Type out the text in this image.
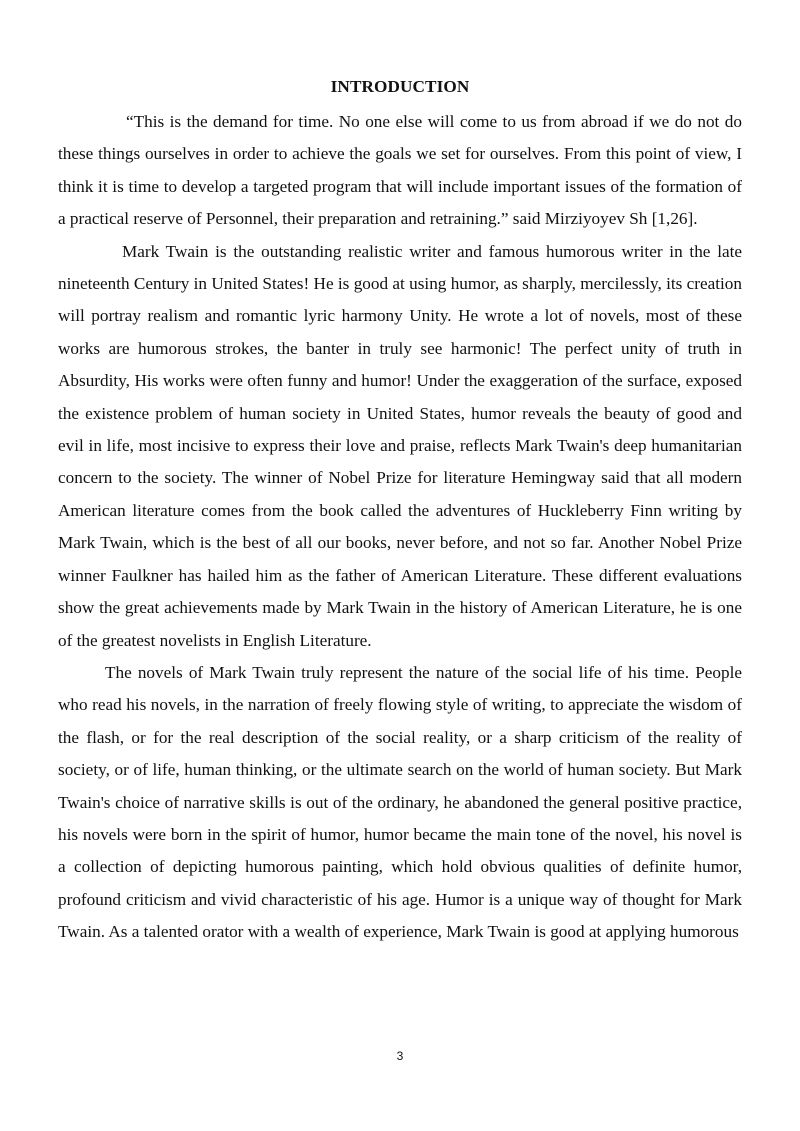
INTRODUCTION

“This is the demand for time. No one else will come to us from abroad if we do not do these things ourselves in order to achieve the goals we set for ourselves. From this point of view, I think it is time to develop a targeted program that will include important issues of the formation of a practical reserve of Personnel, their preparation and retraining.” said Mirziyoyev Sh [1,26].

Mark Twain is the outstanding realistic writer and famous humorous writer in the late nineteenth Century in United States! He is good at using humor, as sharply, mercilessly, its creation will portray realism and romantic lyric harmony Unity. He wrote a lot of novels, most of these works are humorous strokes, the banter in truly see harmonic! The perfect unity of truth in Absurdity, His works were often funny and humor! Under the exaggeration of the surface, exposed the existence problem of human society in United States, humor reveals the beauty of good and evil in life, most incisive to express their love and praise, reflects Mark Twain's deep humanitarian concern to the society. The winner of Nobel Prize for literature Hemingway said that all modern American literature comes from the book called the adventures of Huckleberry Finn writing by Mark Twain, which is the best of all our books, never before, and not so far. Another Nobel Prize winner Faulkner has hailed him as the father of American Literature. These different evaluations show the great achievements made by Mark Twain in the history of American Literature, he is one of the greatest novelists in English Literature.

The novels of Mark Twain truly represent the nature of the social life of his time. People who read his novels, in the narration of freely flowing style of writing, to appreciate the wisdom of the flash, or for the real description of the social reality, or a sharp criticism of the reality of society, or of life, human thinking, or the ultimate search on the world of human society. But Mark Twain's choice of narrative skills is out of the ordinary, he abandoned the general positive practice, his novels were born in the spirit of humor, humor became the main tone of the novel, his novel is a collection of depicting humorous painting, which hold obvious qualities of definite humor, profound criticism and vivid characteristic of his age. Humor is a unique way of thought for Mark Twain. As a talented orator with a wealth of experience, Mark Twain is good at applying humorous

3
